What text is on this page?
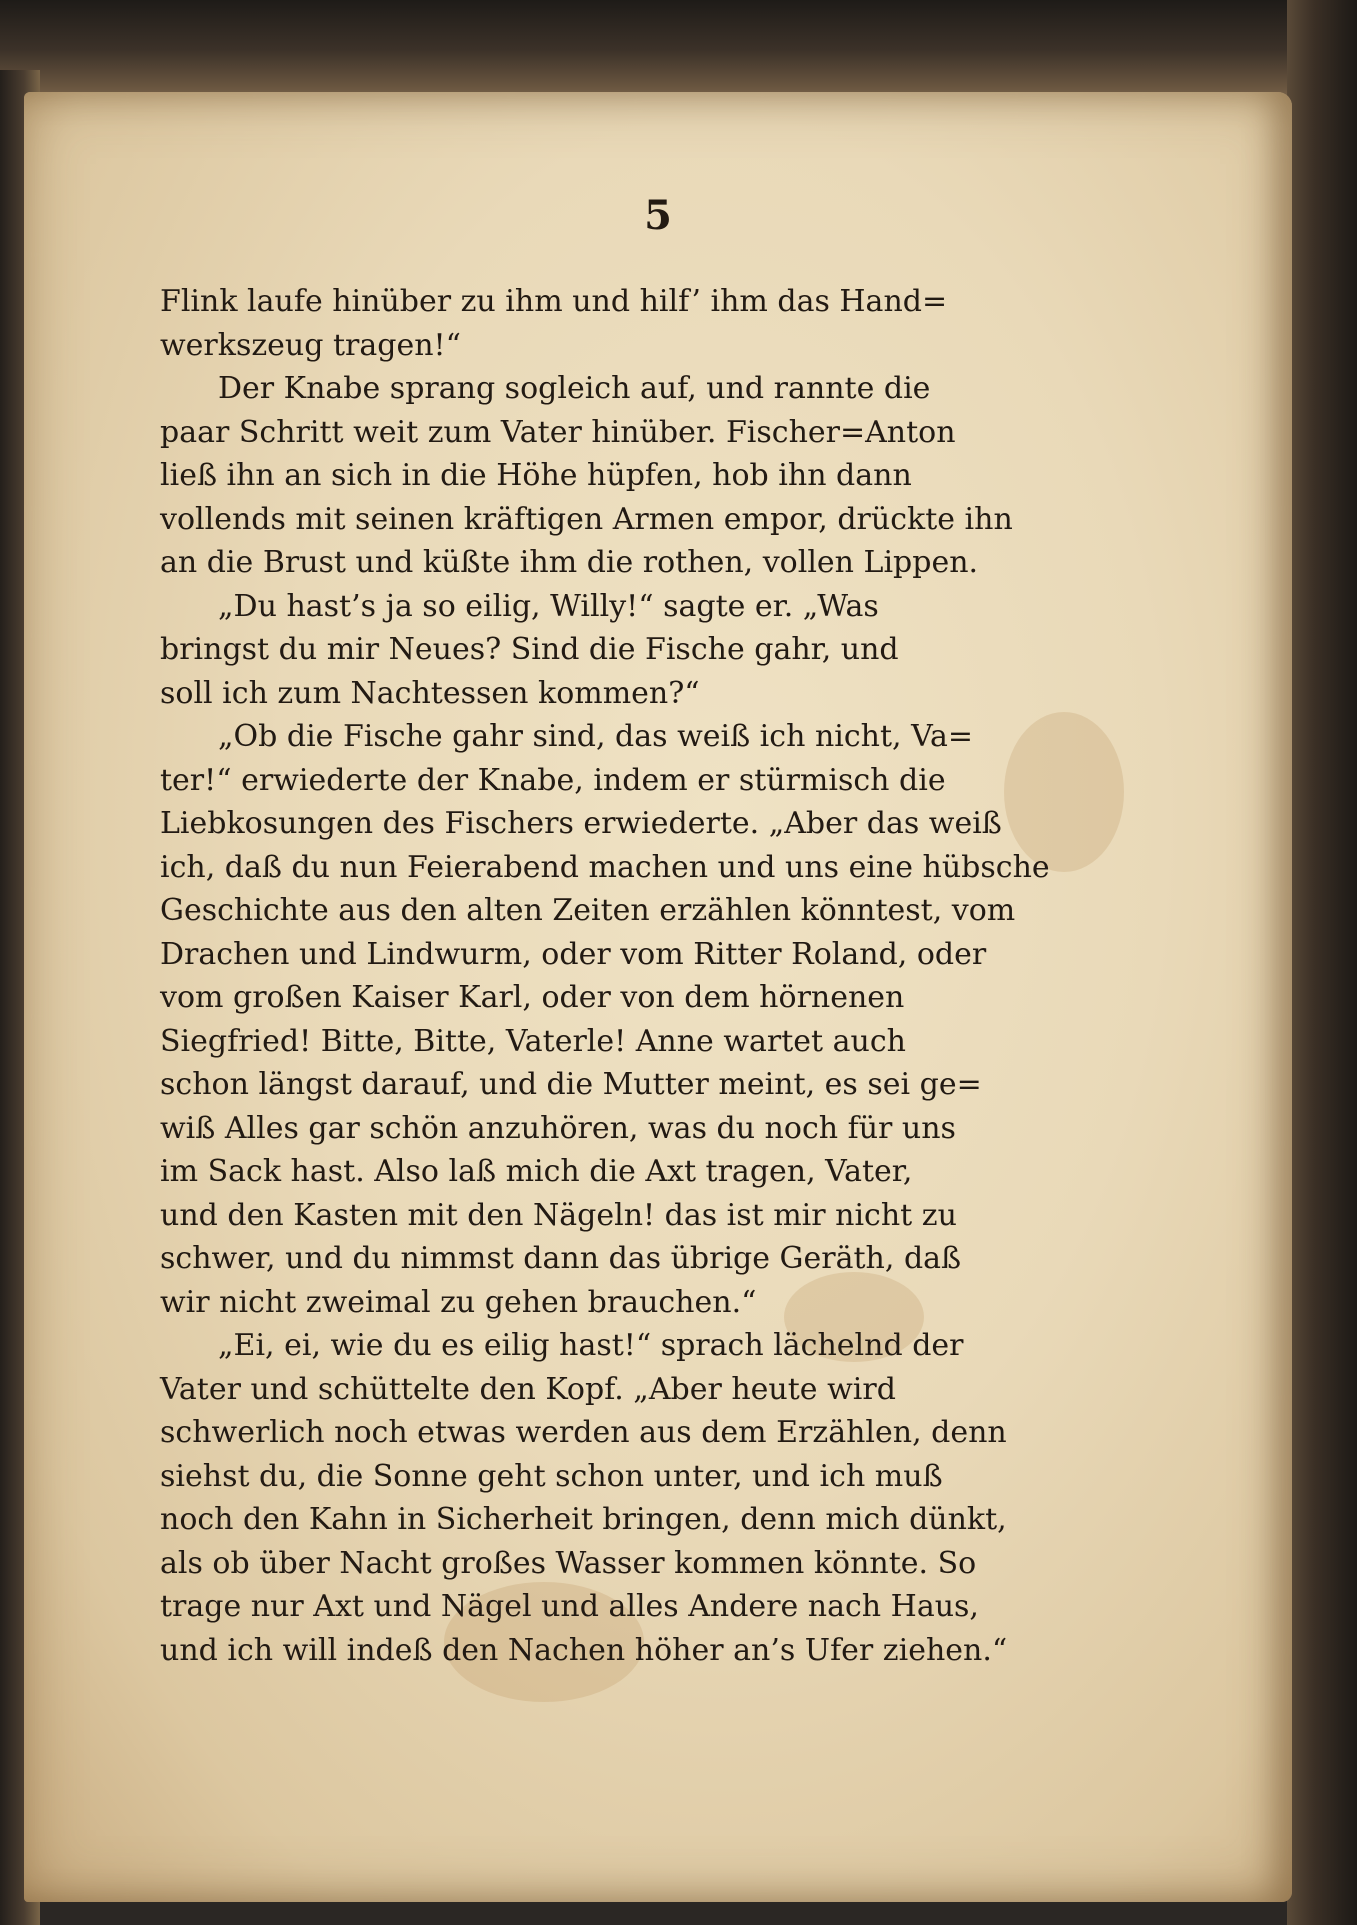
5
Flink laufe hinüber zu ihm und hilf’ ihm das Hand=
werkszeug tragen!“
Der Knabe sprang sogleich auf, und rannte die
paar Schritt weit zum Vater hinüber. Fischer=Anton
ließ ihn an sich in die Höhe hüpfen, hob ihn dann
vollends mit seinen kräftigen Armen empor, drückte ihn
an die Brust und küßte ihm die rothen, vollen Lippen.
„Du hast’s ja so eilig, Willy!“ sagte er. „Was
bringst du mir Neues? Sind die Fische gahr, und
soll ich zum Nachtessen kommen?“
„Ob die Fische gahr sind, das weiß ich nicht, Va=
ter!“ erwiederte der Knabe, indem er stürmisch die
Liebkosungen des Fischers erwiederte. „Aber das weiß
ich, daß du nun Feierabend machen und uns eine hübsche
Geschichte aus den alten Zeiten erzählen könntest, vom
Drachen und Lindwurm, oder vom Ritter Roland, oder
vom großen Kaiser Karl, oder von dem hörnenen
Siegfried! Bitte, Bitte, Vaterle! Anne wartet auch
schon längst darauf, und die Mutter meint, es sei ge=
wiß Alles gar schön anzuhören, was du noch für uns
im Sack hast. Also laß mich die Axt tragen, Vater,
und den Kasten mit den Nägeln! das ist mir nicht zu
schwer, und du nimmst dann das übrige Geräth, daß
wir nicht zweimal zu gehen brauchen.“
„Ei, ei, wie du es eilig hast!“ sprach lächelnd der
Vater und schüttelte den Kopf. „Aber heute wird
schwerlich noch etwas werden aus dem Erzählen, denn
siehst du, die Sonne geht schon unter, und ich muß
noch den Kahn in Sicherheit bringen, denn mich dünkt,
als ob über Nacht großes Wasser kommen könnte. So
trage nur Axt und Nägel und alles Andere nach Haus,
und ich will indeß den Nachen höher an’s Ufer ziehen.“
